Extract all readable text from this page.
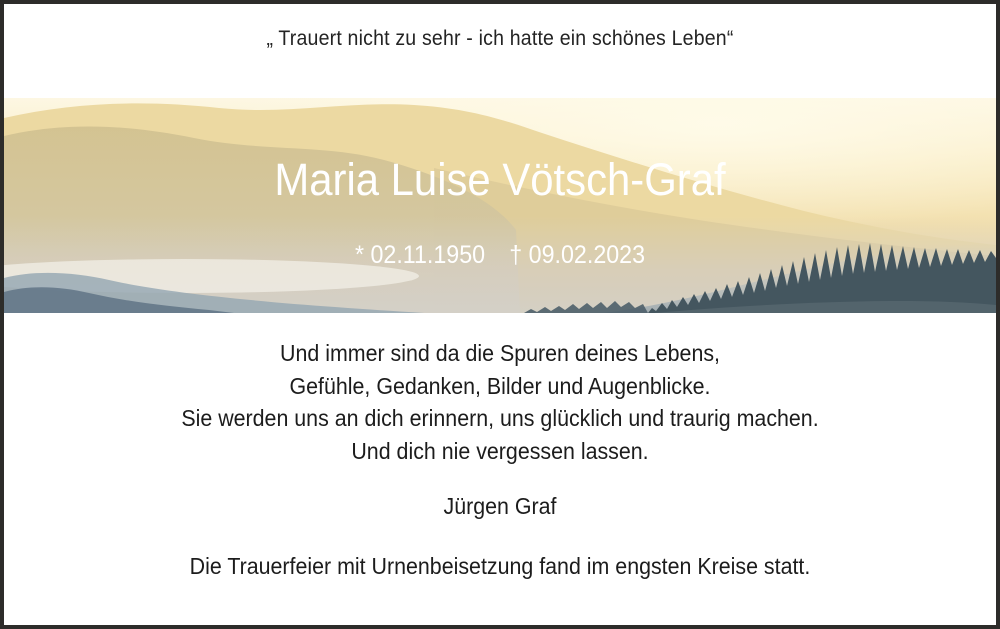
„ Trauert nicht zu sehr - ich hatte ein schönes Leben“
Maria Luise Vötsch-Graf
* 02.11.1950 † 09.02.2023
Und immer sind da die Spuren deines Lebens,
Gefühle, Gedanken, Bilder und Augenblicke.
Sie werden uns an dich erinnern, uns glücklich und traurig machen.
Und dich nie vergessen lassen.
Jürgen Graf
Die Trauerfeier mit Urnenbeisetzung fand im engsten Kreise statt.
